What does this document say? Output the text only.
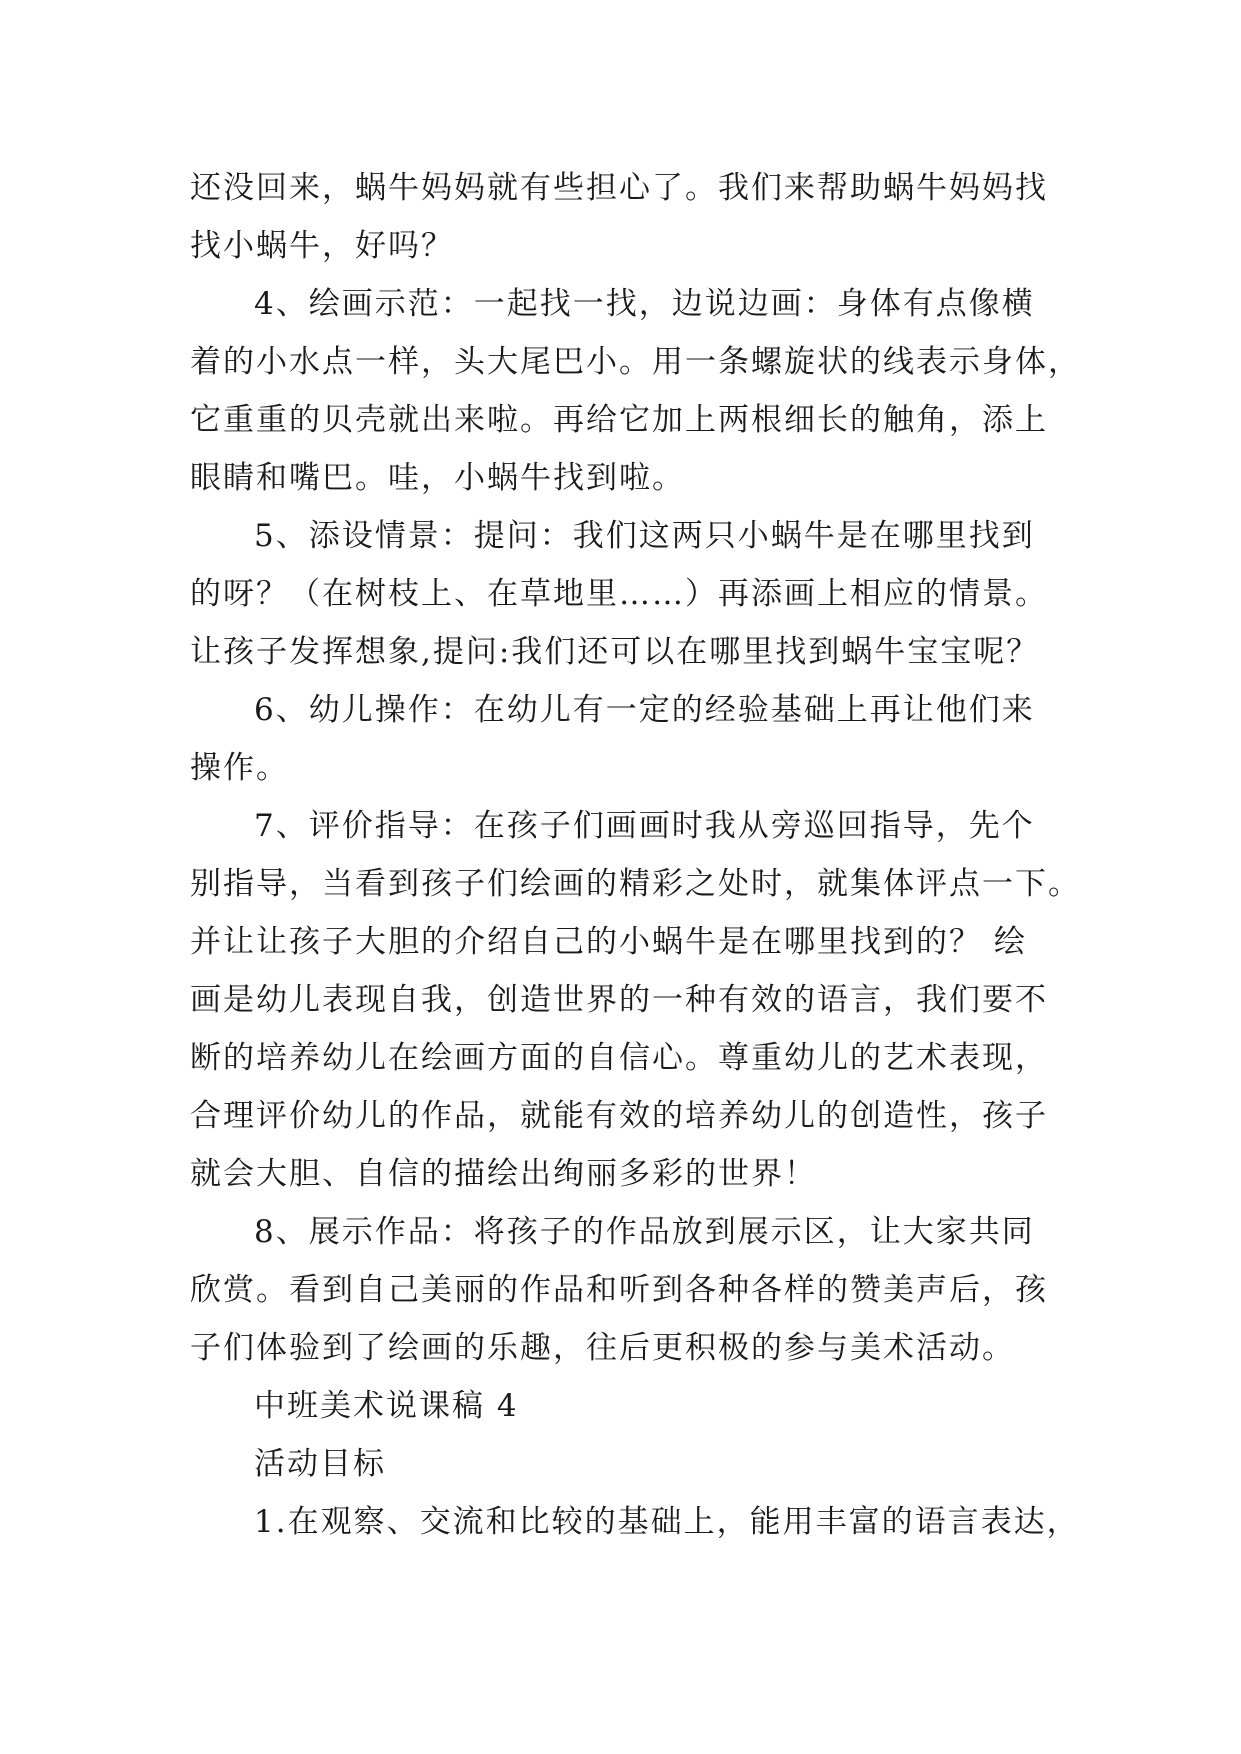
还没回来，蜗牛妈妈就有些担心了。我们来帮助蜗牛妈妈找
找小蜗牛，好吗？
4、绘画示范：一起找一找，边说边画：身体有点像横
着的小水点一样，头大尾巴小。用一条螺旋状的线表示身体，
它重重的贝壳就出来啦。再给它加上两根细长的触角，添上
眼睛和嘴巴。哇，小蜗牛找到啦。
5、添设情景：提问：我们这两只小蜗牛是在哪里找到
的呀？（在树枝上、在草地里……）再添画上相应的情景。
让孩子发挥想象,提问:我们还可以在哪里找到蜗牛宝宝呢？
6、幼儿操作：在幼儿有一定的经验基础上再让他们来
操作。
7、评价指导：在孩子们画画时我从旁巡回指导，先个
别指导，当看到孩子们绘画的精彩之处时，就集体评点一下。
并让让孩子大胆的介绍自己的小蜗牛是在哪里找到的？ 绘
画是幼儿表现自我，创造世界的一种有效的语言，我们要不
断的培养幼儿在绘画方面的自信心。尊重幼儿的艺术表现，
合理评价幼儿的作品，就能有效的培养幼儿的创造性，孩子
就会大胆、自信的描绘出绚丽多彩的世界！
8、展示作品：将孩子的作品放到展示区，让大家共同
欣赏。看到自己美丽的作品和听到各种各样的赞美声后，孩
子们体验到了绘画的乐趣，往后更积极的参与美术活动。
中班美术说课稿 4
活动目标
1.在观察、交流和比较的基础上，能用丰富的语言表达，
